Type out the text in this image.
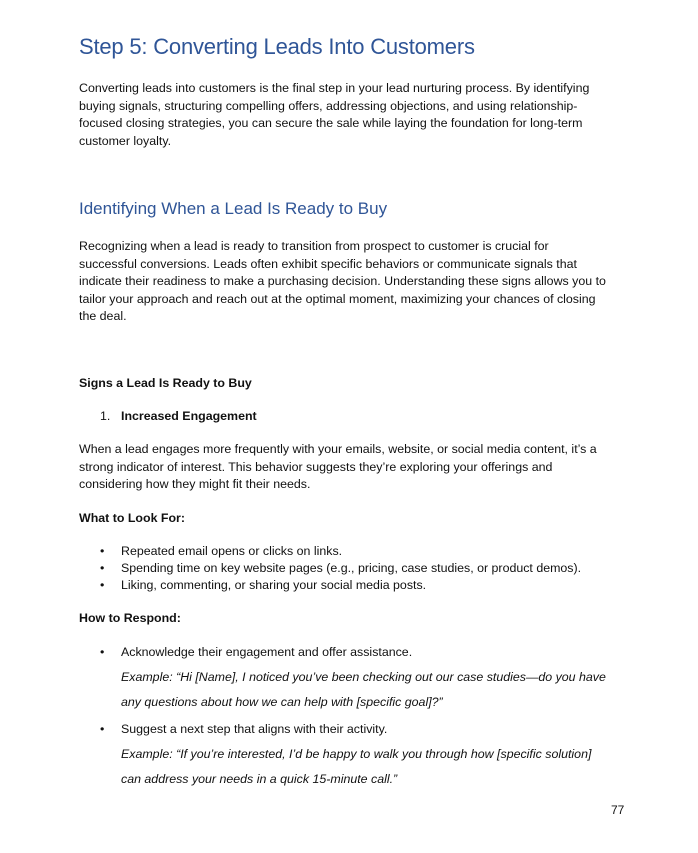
Step 5: Converting Leads Into Customers
Converting leads into customers is the final step in your lead nurturing process. By identifying
buying signals, structuring compelling offers, addressing objections, and using relationship-
focused closing strategies, you can secure the sale while laying the foundation for long-term
customer loyalty.
Identifying When a Lead Is Ready to Buy
Recognizing when a lead is ready to transition from prospect to customer is crucial for
successful conversions. Leads often exhibit specific behaviors or communicate signals that
indicate their readiness to make a purchasing decision. Understanding these signs allows you to
tailor your approach and reach out at the optimal moment, maximizing your chances of closing
the deal.
Signs a Lead Is Ready to Buy
1. Increased Engagement
When a lead engages more frequently with your emails, website, or social media content, it’s a
strong indicator of interest. This behavior suggests they’re exploring your offerings and
considering how they might fit their needs.
What to Look For:
•	Repeated email opens or clicks on links.
•	Spending time on key website pages (e.g., pricing, case studies, or product demos).
•	Liking, commenting, or sharing your social media posts.
How to Respond:
•	Acknowledge their engagement and offer assistance.
Example: “Hi [Name], I noticed you’ve been checking out our case studies—do you have
any questions about how we can help with [specific goal]?”
•	Suggest a next step that aligns with their activity.
Example: “If you’re interested, I’d be happy to walk you through how [specific solution]
can address your needs in a quick 15-minute call.”
77
